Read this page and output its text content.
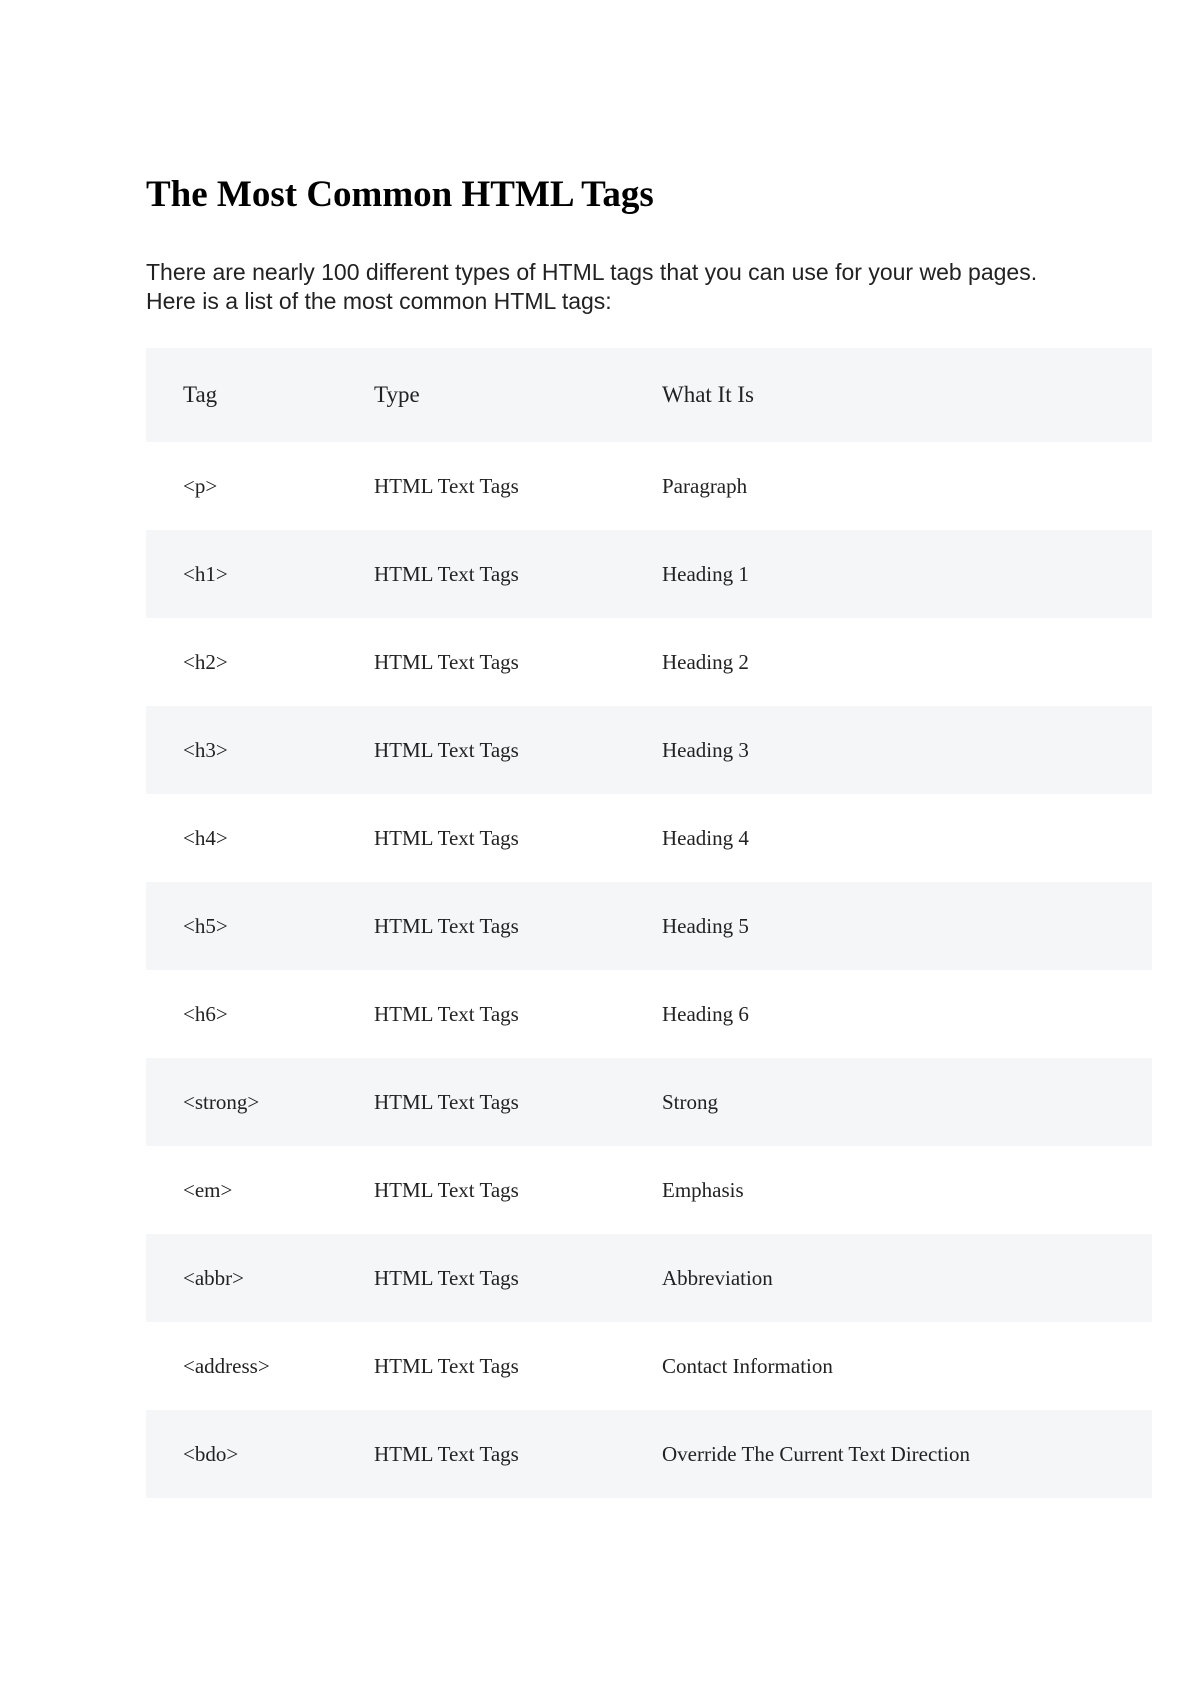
The Most Common HTML Tags

There are nearly 100 different types of HTML tags that you can use for your web pages. Here is a list of the most common HTML tags:

Tag	Type	What It Is
<p>	HTML Text Tags	Paragraph
<h1>	HTML Text Tags	Heading 1
<h2>	HTML Text Tags	Heading 2
<h3>	HTML Text Tags	Heading 3
<h4>	HTML Text Tags	Heading 4
<h5>	HTML Text Tags	Heading 5
<h6>	HTML Text Tags	Heading 6
<strong>	HTML Text Tags	Strong
<em>	HTML Text Tags	Emphasis
<abbr>	HTML Text Tags	Abbreviation
<address>	HTML Text Tags	Contact Information
<bdo>	HTML Text Tags	Override The Current Text Direction
